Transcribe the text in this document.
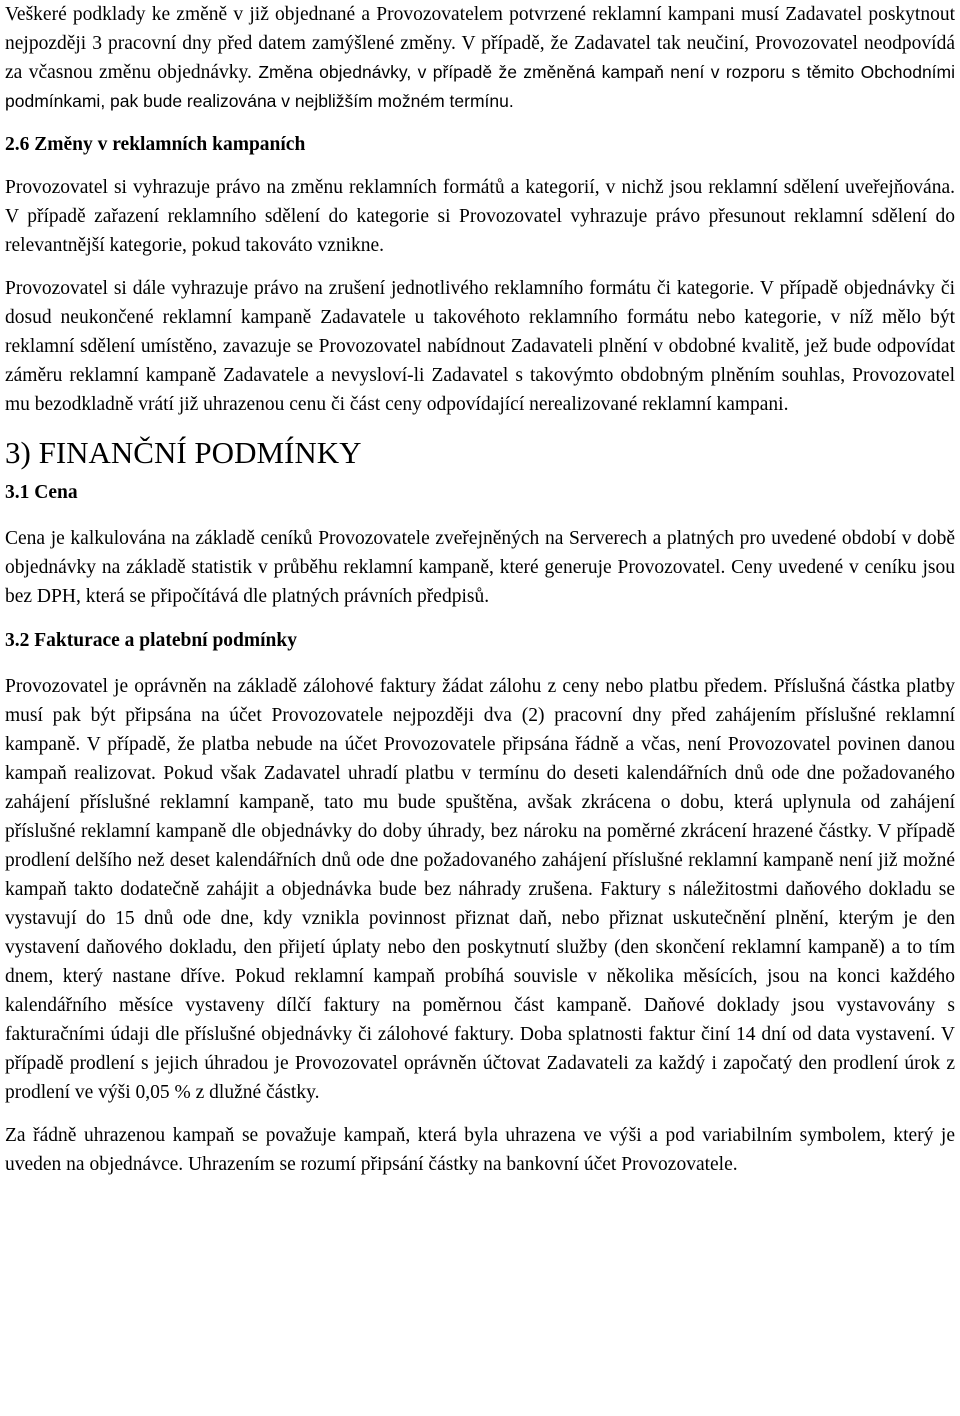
Veškeré podklady ke změně v již objednané a Provozovatelem potvrzené reklamní kampani musí Zadavatel poskytnout nejpozději 3 pracovní dny před datem zamýšlené změny. V případě, že Zadavatel tak neučiní, Provozovatel neodpovídá za včasnou změnu objednávky. Změna objednávky, v případě že změněná kampaň není v rozporu s těmito Obchodními podmínkami, pak bude realizována v nejbližším možném termínu.

2.6 Změny v reklamních kampaních

Provozovatel si vyhrazuje právo na změnu reklamních formátů a kategorií, v nichž jsou reklamní sdělení uveřejňována. V případě zařazení reklamního sdělení do kategorie si Provozovatel vyhrazuje právo přesunout reklamní sdělení do relevantnější kategorie, pokud takováto vznikne.

Provozovatel si dále vyhrazuje právo na zrušení jednotlivého reklamního formátu či kategorie. V případě objednávky či dosud neukončené reklamní kampaně Zadavatele u takovéhoto reklamního formátu nebo kategorie, v níž mělo být reklamní sdělení umístěno, zavazuje se Provozovatel nabídnout Zadavateli plnění v obdobné kvalitě, jež bude odpovídat záměru reklamní kampaně Zadavatele a nevysloví-li Zadavatel s takovýmto obdobným plněním souhlas, Provozovatel mu bezodkladně vrátí již uhrazenou cenu či část ceny odpovídající nerealizované reklamní kampani.

3) FINANČNÍ PODMÍNKY
3.1 Cena

Cena je kalkulována na základě ceníků Provozovatele zveřejněných na Serverech a platných pro uvedené období v době objednávky na základě statistik v průběhu reklamní kampaně, které generuje Provozovatel. Ceny uvedené v ceníku jsou bez DPH, která se připočítává dle platných právních předpisů.

3.2 Fakturace a platební podmínky

Provozovatel je oprávněn na základě zálohové faktury žádat zálohu z ceny nebo platbu předem. Příslušná částka platby musí pak být připsána na účet Provozovatele nejpozději dva (2) pracovní dny před zahájením příslušné reklamní kampaně. V případě, že platba nebude na účet Provozovatele připsána řádně a včas, není Provozovatel povinen danou kampaň realizovat. Pokud však Zadavatel uhradí platbu v termínu do deseti kalendářních dnů ode dne požadovaného zahájení příslušné reklamní kampaně, tato mu bude spuštěna, avšak zkrácena o dobu, která uplynula od zahájení příslušné reklamní kampaně dle objednávky do doby úhrady, bez nároku na poměrné zkrácení hrazené částky. V případě prodlení delšího než deset kalendářních dnů ode dne požadovaného zahájení příslušné reklamní kampaně není již možné kampaň takto dodatečně zahájit a objednávka bude bez náhrady zrušena. Faktury s náležitostmi daňového dokladu se vystavují do 15 dnů ode dne, kdy vznikla povinnost přiznat daň, nebo přiznat uskutečnění plnění, kterým je den vystavení daňového dokladu, den přijetí úplaty nebo den poskytnutí služby (den skončení reklamní kampaně) a to tím dnem, který nastane dříve. Pokud reklamní kampaň probíhá souvisle v několika měsících, jsou na konci každého kalendářního měsíce vystaveny dílčí faktury na poměrnou část kampaně. Daňové doklady jsou vystavovány s fakturačními údaji dle příslušné objednávky či zálohové faktury. Doba splatnosti faktur činí 14 dní od data vystavení. V případě prodlení s jejich úhradou je Provozovatel oprávněn účtovat Zadavateli za každý i započatý den prodlení úrok z prodlení ve výši 0,05 % z dlužné částky.

Za řádně uhrazenou kampaň se považuje kampaň, která byla uhrazena ve výši a pod variabilním symbolem, který je uveden na objednávce. Uhrazením se rozumí připsání částky na bankovní účet Provozovatele.
